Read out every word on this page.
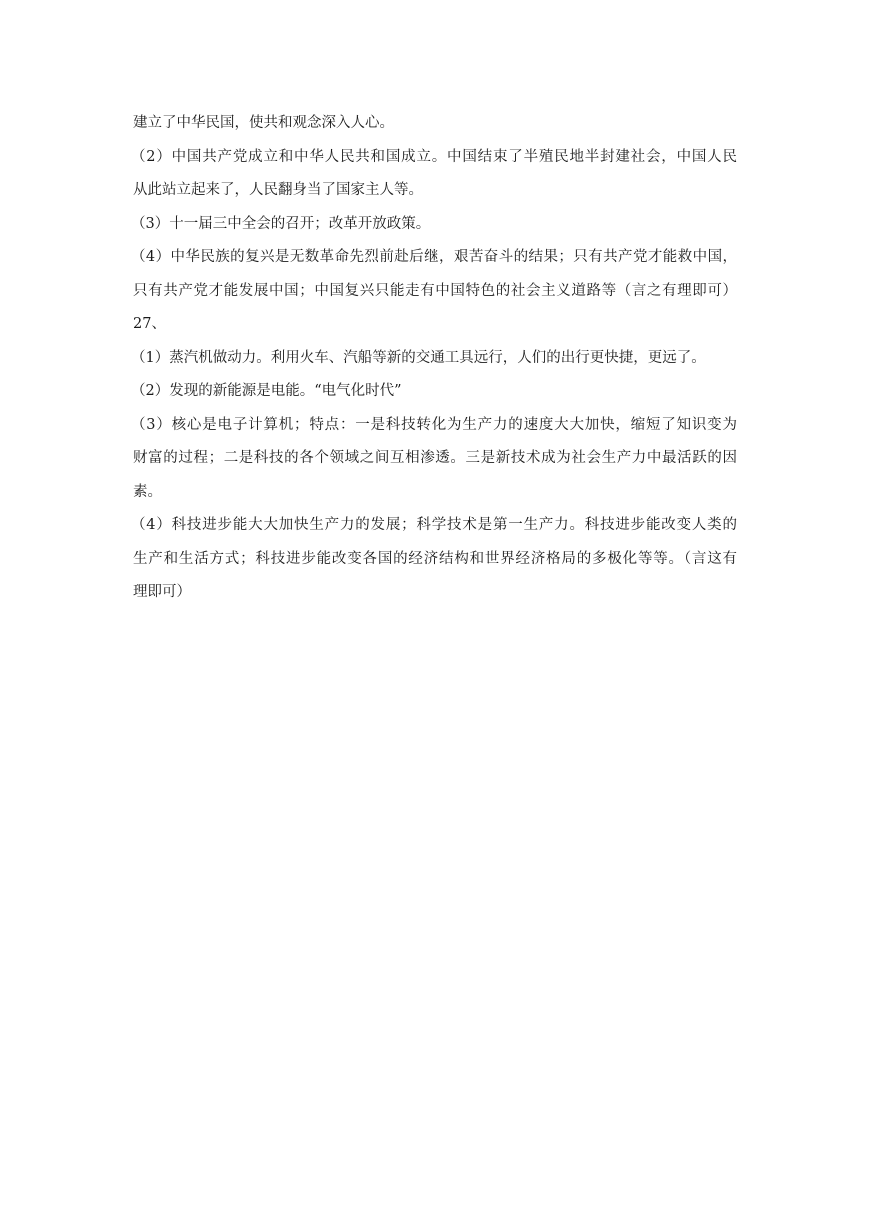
建立了中华民国，使共和观念深入人心。
（2）中国共产党成立和中华人民共和国成立。中国结束了半殖民地半封建社会，中国人民
从此站立起来了，人民翻身当了国家主人等。
（3）十一届三中全会的召开；改革开放政策。
（4）中华民族的复兴是无数革命先烈前赴后继，艰苦奋斗的结果；只有共产党才能救中国，
只有共产党才能发展中国；中国复兴只能走有中国特色的社会主义道路等（言之有理即可）
27、
（1）蒸汽机做动力。利用火车、汽船等新的交通工具远行，人们的出行更快捷，更远了。
（2）发现的新能源是电能。“电气化时代”
（3）核心是电子计算机；特点：一是科技转化为生产力的速度大大加快，缩短了知识变为
财富的过程；二是科技的各个领域之间互相渗透。三是新技术成为社会生产力中最活跃的因
素。
（4）科技进步能大大加快生产力的发展；科学技术是第一生产力。科技进步能改变人类的
生产和生活方式；科技进步能改变各国的经济结构和世界经济格局的多极化等等。（言这有
理即可）
